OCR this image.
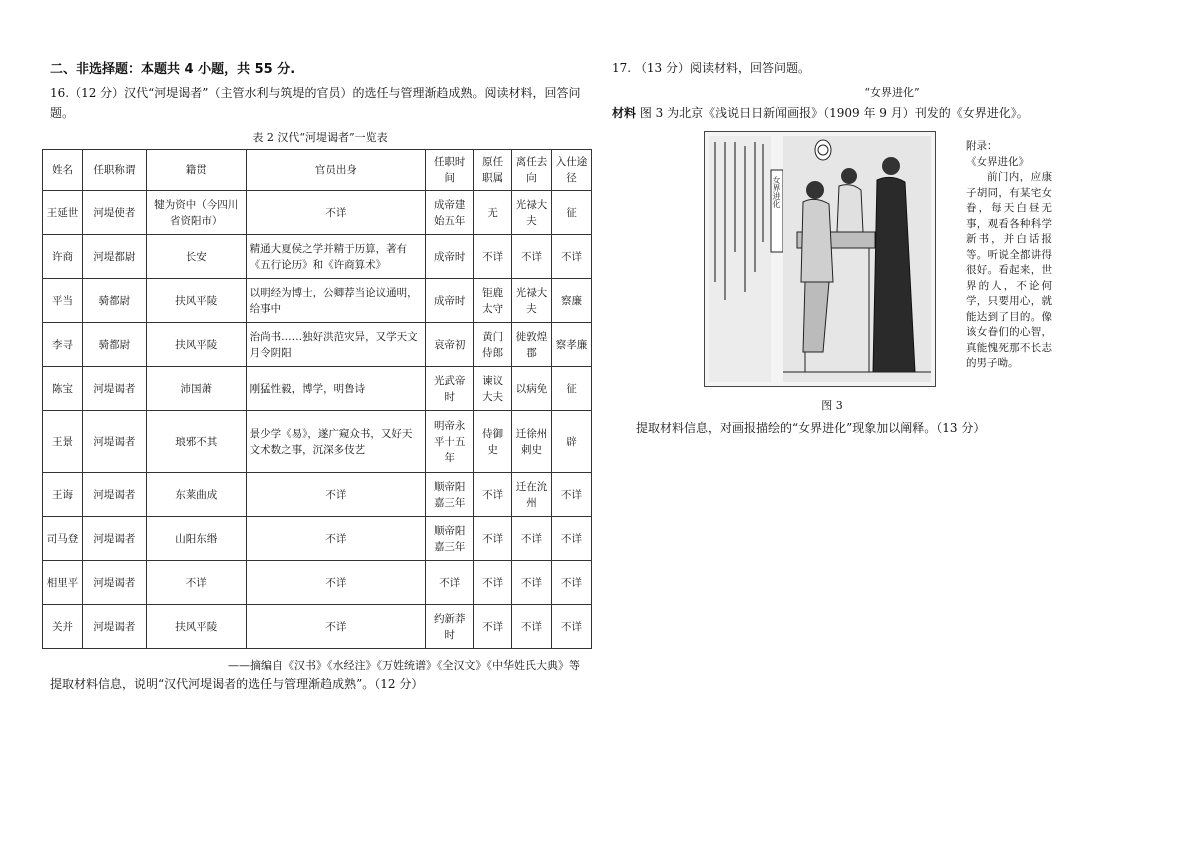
二、非选择题：本题共 4 小题，共 55 分.

16.（12 分）汉代“河堤谒者”（主管水利与筑堤的官员）的选任与管理渐趋成熟。阅读材料，回答问题。

表 2 汉代“河堤谒者”一览表

姓名	任职称谓	籍贯	官员出身	任职时间	原任职属	离任去向	入仕途径
王延世	河堤使者	犍为资中（今四川省资阳市）	不详	成帝建始五年	无	光禄大夫	征
许商	河堤都尉	长安	精通大夏侯之学并精于历算，著有《五行论历》和《许商算术》	成帝时	不详	不详	不详
平当	骑都尉	扶风平陵	以明经为博士，公卿荐当论议通明，给事中	成帝时	钜鹿太守	光禄大夫	察廉
李寻	骑都尉	扶风平陵	治尚书……独好洪范灾异，又学天文月令阴阳	哀帝初	黄门侍郎	徙敦煌郡	察孝廉
陈宝	河堤谒者	沛国萧	刚猛性毅，博学，明鲁诗	光武帝时	谏议大夫	以病免	征
王景	河堤谒者	琅邪不其	景少学《易》，遂广窥众书，又好天文术数之事，沉深多伎艺	明帝永平十五年	侍御史	迁徐州刺史	辟
王诲	河堤谒者	东莱曲成	不详	顺帝阳嘉三年	不详	迁在沇州	不详
司马登	河堤谒者	山阳东缗	不详	顺帝阳嘉三年	不详	不详	不详
相里平	河堤谒者	不详	不详	不详	不详	不详	不详
关并	河堤谒者	扶风平陵	不详	约新莽时	不详	不详	不详

——摘编自《汉书》《水经注》《万姓统谱》《全汉文》《中华姓氏大典》等

提取材料信息，说明“汉代河堤谒者的选任与管理渐趋成熟”。（12 分）

17. （13 分）阅读材料，回答问题。

“女界进化”

材料 图 3 为北京《浅说日日新闻画报》（1909 年 9 月）刊发的《女界进化》。

女界进化
附录：
《女界进化》
前门内，应康子胡同，有某宅女眷，每天白昼无事，观看各种科学新书，并白话报等。听说全都讲得很好。看起来，世界的人，不论何学，只要用心，就能达到了目的。像该女眷们的心智，真能愧死那不长志的男子呦。

图 3

提取材料信息，对画报描绘的“女界进化”现象加以阐释。（13 分）
